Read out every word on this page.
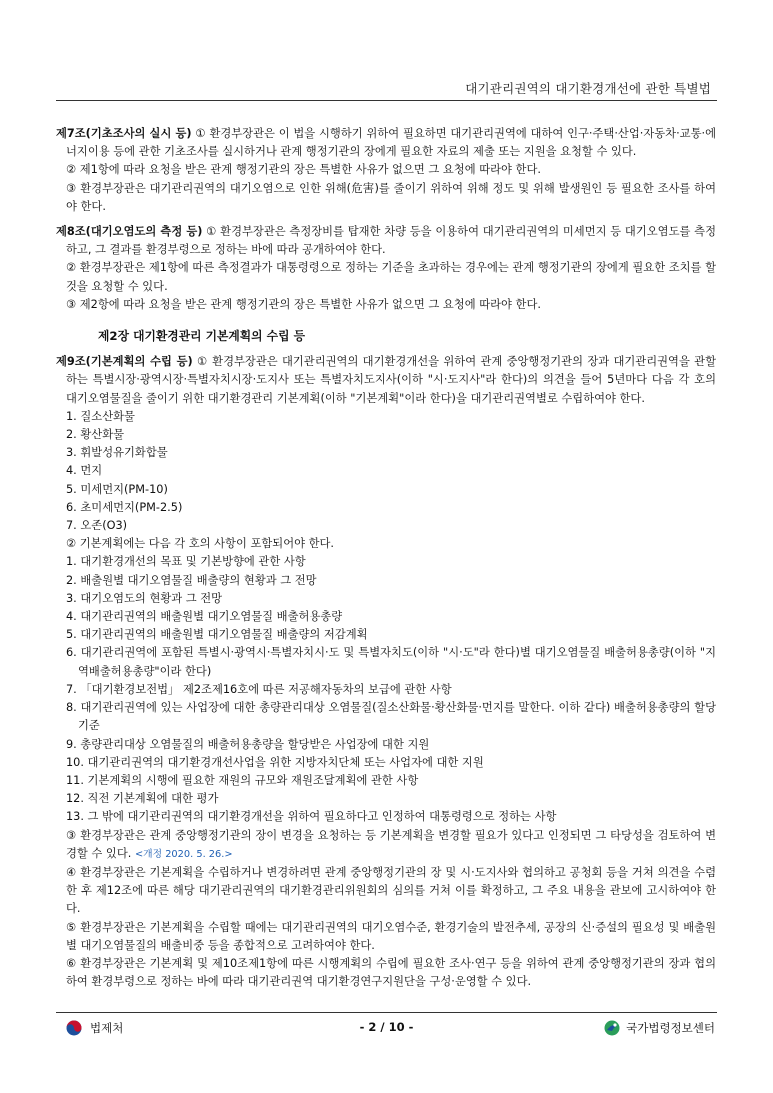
대기관리권역의 대기환경개선에 관한 특별법

제7조(기초조사의 실시 등) ① 환경부장관은 이 법을 시행하기 위하여 필요하면 대기관리권역에 대하여 인구·주택·산업·자동차·교통·에너지이용 등에 관한 기초조사를 실시하거나 관계 행정기관의 장에게 필요한 자료의 제출 또는 지원을 요청할 수 있다.

② 제1항에 따라 요청을 받은 관계 행정기관의 장은 특별한 사유가 없으면 그 요청에 따라야 한다.

③ 환경부장관은 대기관리권역의 대기오염으로 인한 위해(危害)를 줄이기 위하여 위해 정도 및 위해 발생원인 등 필요한 조사를 하여야 한다.

제8조(대기오염도의 측정 등) ① 환경부장관은 측정장비를 탑재한 차량 등을 이용하여 대기관리권역의 미세먼지 등 대기오염도를 측정하고, 그 결과를 환경부령으로 정하는 바에 따라 공개하여야 한다.

② 환경부장관은 제1항에 따른 측정결과가 대통령령으로 정하는 기준을 초과하는 경우에는 관계 행정기관의 장에게 필요한 조치를 할 것을 요청할 수 있다.

③ 제2항에 따라 요청을 받은 관계 행정기관의 장은 특별한 사유가 없으면 그 요청에 따라야 한다.

제2장 대기환경관리 기본계획의 수립 등

제9조(기본계획의 수립 등) ① 환경부장관은 대기관리권역의 대기환경개선을 위하여 관계 중앙행정기관의 장과 대기관리권역을 관할하는 특별시장·광역시장·특별자치시장·도지사 또는 특별자치도지사(이하 "시·도지사"라 한다)의 의견을 들어 5년마다 다음 각 호의 대기오염물질을 줄이기 위한 대기환경관리 기본계획(이하 "기본계획"이라 한다)을 대기관리권역별로 수립하여야 한다.

1. 질소산화물
2. 황산화물
3. 휘발성유기화합물
4. 먼지
5. 미세먼지(PM-10)
6. 초미세먼지(PM-2.5)
7. 오존(O3)

② 기본계획에는 다음 각 호의 사항이 포함되어야 한다.

1. 대기환경개선의 목표 및 기본방향에 관한 사항
2. 배출원별 대기오염물질 배출량의 현황과 그 전망
3. 대기오염도의 현황과 그 전망
4. 대기관리권역의 배출원별 대기오염물질 배출허용총량
5. 대기관리권역의 배출원별 대기오염물질 배출량의 저감계획
6. 대기관리권역에 포함된 특별시·광역시·특별자치시·도 및 특별자치도(이하 "시·도"라 한다)별 대기오염물질 배출허용총량(이하 "지역배출허용총량"이라 한다)
7. 「대기환경보전법」 제2조제16호에 따른 저공해자동차의 보급에 관한 사항
8. 대기관리권역에 있는 사업장에 대한 총량관리대상 오염물질(질소산화물·황산화물·먼지를 말한다. 이하 같다) 배출허용총량의 할당기준
9. 총량관리대상 오염물질의 배출허용총량을 할당받은 사업장에 대한 지원
10. 대기관리권역의 대기환경개선사업을 위한 지방자치단체 또는 사업자에 대한 지원
11. 기본계획의 시행에 필요한 재원의 규모와 재원조달계획에 관한 사항
12. 직전 기본계획에 대한 평가
13. 그 밖에 대기관리권역의 대기환경개선을 위하여 필요하다고 인정하여 대통령령으로 정하는 사항

③ 환경부장관은 관계 중앙행정기관의 장이 변경을 요청하는 등 기본계획을 변경할 필요가 있다고 인정되면 그 타당성을 검토하여 변경할 수 있다. <개정 2020. 5. 26.>

④ 환경부장관은 기본계획을 수립하거나 변경하려면 관계 중앙행정기관의 장 및 시·도지사와 협의하고 공청회 등을 거쳐 의견을 수렴한 후 제12조에 따른 해당 대기관리권역의 대기환경관리위원회의 심의를 거쳐 이를 확정하고, 그 주요 내용을 관보에 고시하여야 한다.

⑤ 환경부장관은 기본계획을 수립할 때에는 대기관리권역의 대기오염수준, 환경기술의 발전추세, 공장의 신·증설의 필요성 및 배출원별 대기오염물질의 배출비중 등을 종합적으로 고려하여야 한다.

⑥ 환경부장관은 기본계획 및 제10조제1항에 따른 시행계획의 수립에 필요한 조사·연구 등을 위하여 관계 중앙행정기관의 장과 협의하여 환경부령으로 정하는 바에 따라 대기관리권역 대기환경연구지원단을 구성·운영할 수 있다.

법제처	- 2 / 10 -	국가법령정보센터
